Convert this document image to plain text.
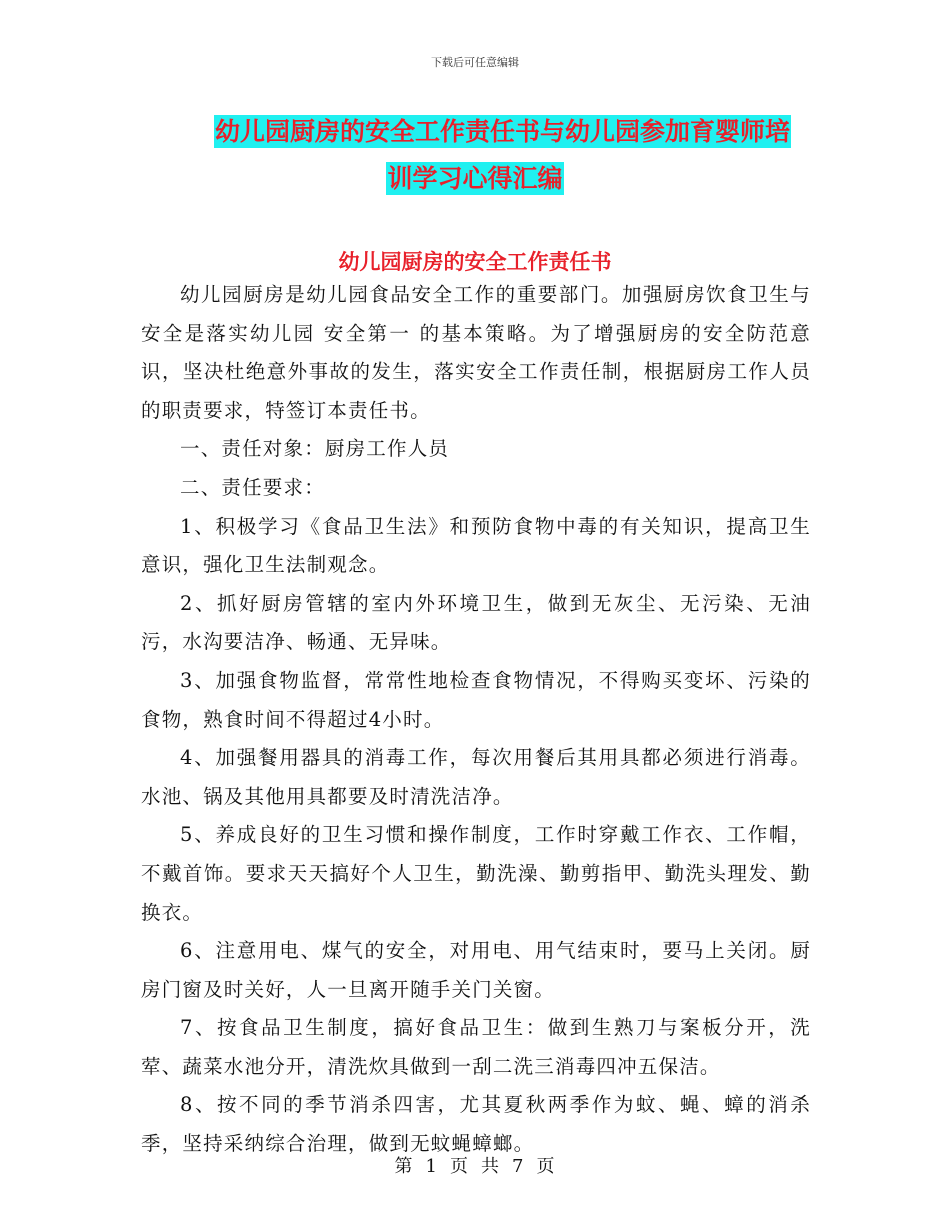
下载后可任意编辑
幼儿园厨房的安全工作责任书与幼儿园参加育婴师培
训学习心得汇编
幼儿园厨房的安全工作责任书

幼儿园厨房是幼儿园食品安全工作的重要部门。加强厨房饮食卫生与安全是落实幼儿园 安全第一 的基本策略。为了增强厨房的安全防范意识，坚决杜绝意外事故的发生，落实安全工作责任制，根据厨房工作人员的职责要求，特签订本责任书。

一、责任对象：厨房工作人员

二、责任要求：

1、积极学习《食品卫生法》和预防食物中毒的有关知识，提高卫生意识，强化卫生法制观念。

2、抓好厨房管辖的室内外环境卫生，做到无灰尘、无污染、无油污，水沟要洁净、畅通、无异味。

3、加强食物监督，常常性地检查食物情况，不得购买变坏、污染的食物，熟食时间不得超过4小时。

4、加强餐用器具的消毒工作，每次用餐后其用具都必须进行消毒。水池、锅及其他用具都要及时清洗洁净。

5、养成良好的卫生习惯和操作制度，工作时穿戴工作衣、工作帽，不戴首饰。要求天天搞好个人卫生，勤洗澡、勤剪指甲、勤洗头理发、勤换衣。

6、注意用电、煤气的安全，对用电、用气结束时，要马上关闭。厨房门窗及时关好，人一旦离开随手关门关窗。

7、按食品卫生制度，搞好食品卫生：做到生熟刀与案板分开，洗荤、蔬菜水池分开，清洗炊具做到一刮二洗三消毒四冲五保洁。

8、按不同的季节消杀四害，尤其夏秋两季作为蚊、蝇、蟑的消杀季，坚持采纳综合治理，做到无蚊蝇蟑螂。

第 1 页 共 7 页
